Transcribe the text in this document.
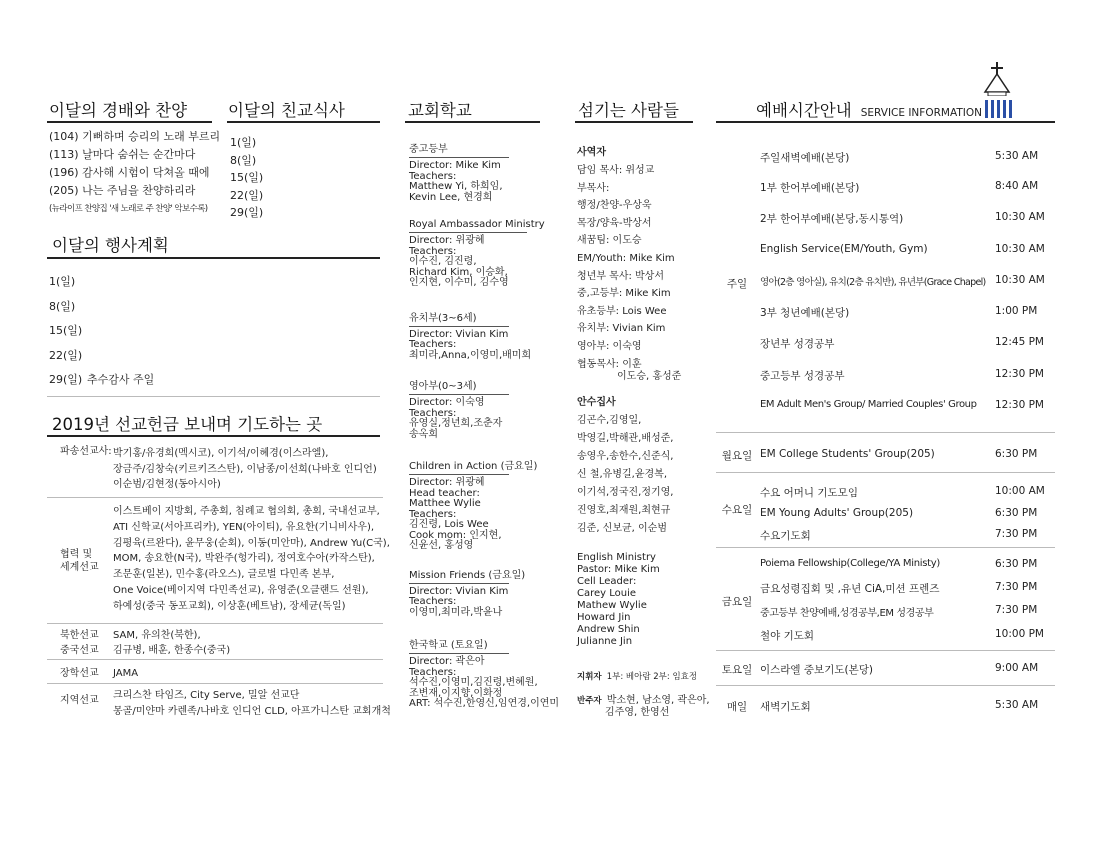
이달의 경배와 찬양 이달의 친교식사
(104) 기뻐하며 승리의 노래 부르리
(113) 날마다 숨쉬는 순간마다
(196) 감사해 시험이 닥쳐올 때에
(205) 나는 주님을 찬양하리라
(뉴라이프 찬양집 '새 노래로 주 찬양' 악보수록)
1(일)
8(일)
15(일)
22(일)
29(일)
이달의 행사계획
1(일)
8(일)
15(일)
22(일)
29(일) 추수감사 주일
2019년 선교헌금 보내며 기도하는 곳
파송선교사: 박기홍/유경희(멕시코), 이기석/이혜경(이스라엘),
장금주/김창숙(키르키즈스탄), 이남종/이선희(나바호 인디언)
이순범/김현정(동아시아)
협력 및
세계선교
이스트베이 지방회, 주총회, 침례교 협의회, 총회, 국내선교부,
ATI 신학교(서아프리카), YEN(아이티), 유요한(기니비사우),
김평육(르완다), 윤무웅(순회), 이동(미안마), Andrew Yu(C국),
MOM, 송요한(N국), 박완주(헝가리), 정여호수아(카작스탄),
조문훈(일본), 민수홍(라오스), 글로벌 다민족 본부,
One Voice(베이지역 다민족선교), 유영준(오클랜드 선원),
하예성(중국 동포교회), 이상훈(베트남), 장세균(독일)
북한선교 SAM, 유의찬(북한),
중국선교 김규병, 배훈, 한종수(중국)
장학선교 JAMA
지역선교 크리스찬 타임즈, City Serve, 밀알 선교단
몽골/미얀마 카렌족/나바호 인디언 CLD, 아프가니스탄 교회개척
교회학교
중고등부
Director: Mike Kim
Teachers:
Matthew Yi, 하희임,
Kevin Lee, 현경희
Royal Ambassador Ministry
Director: 위광혜
Teachers:
이수진, 김진령,
Richard Kim, 이승화,
인지현, 이수미, 김수영
유치부(3~6세)
Director: Vivian Kim
Teachers:
최미라,Anna,이영미,배미희
영아부(0~3세)
Director: 이숙영
Teachers:
유영실,정년희,조춘자
송옥희
Children in Action (금요일)
Director: 위광혜
Head teacher:
Matthee Wylie
Teachers:
김진령, Lois Wee
Cook mom: 인지현,
신윤선, 홍성영
Mission Friends (금요일)
Director: Vivian Kim
Teachers:
이영미,최미라,박윤나
한국학교 (토요일)
Director: 곽은아
Teachers:
석수진,이영미,김진령,변혜원,
조변재,이지향,이화정
ART: 석수진,한영신,임연경,이연미
섬기는 사람들
사역자
담임 목사: 위성교
부목사:
행정/찬양-우상욱
목장/양육-박상서
새꿈팀: 이도승
EM/Youth: Mike Kim
청년부 목사: 박상서
중,고등부: Mike Kim
유초등부: Lois Wee
유치부: Vivian Kim
영아부: 이숙영
협동목사: 이훈
이도승, 홍성준
안수집사
김곤수,김영일,
박영길,박해관,배성준,
송영우,송한수,신준식,
신 철,유병길,윤경복,
이기석,정국진,정기영,
진영호,최재원,최현규
김준, 신보균, 이순범
English Ministry
Pastor: Mike Kim
Cell Leader:
Carey Louie
Mathew Wylie
Howard Jin
Andrew Shin
Julianne Jin
지휘자 1부: 베아람 2부: 임효정
반주자 박소현, 남소영, 곽은아,
김주영, 한영선
예배시간안내 SERVICE INFORMATION
주일
주일새벽예배(본당)	5:30 AM
1부 한어부예배(본당)	8:40 AM
2부 한어부예배(본당,동시통역)	10:30 AM
English Service(EM/Youth, Gym)	10:30 AM
영아(2층 영아실), 유치(2층 유치반), 유년부(Grace Chapel) 10:30 AM
3부 청년예배(본당)	1:00 PM
장년부 성경공부	12:45 PM
중고등부 성경공부	12:30 PM
EM Adult Men's Group/ Married Couples' Group 12:30 PM
월요일 EM College Students' Group(205)	6:30 PM
수요일
수요 어머니 기도모임	10:00 AM
EM Young Adults' Group(205)	6:30 PM
수요기도회	7:30 PM
금요일
Poiema Fellowship(College/YA Ministy)	6:30 PM
금요성령집회 및 ,유년 CiA,미션 프렌즈	7:30 PM
중고등부 찬양예배,성경공부,EM 성경공부	7:30 PM
철야 기도회	10:00 PM
토요일 이스라엘 중보기도(본당)	9:00 AM
매일	새벽기도회	5:30 AM
